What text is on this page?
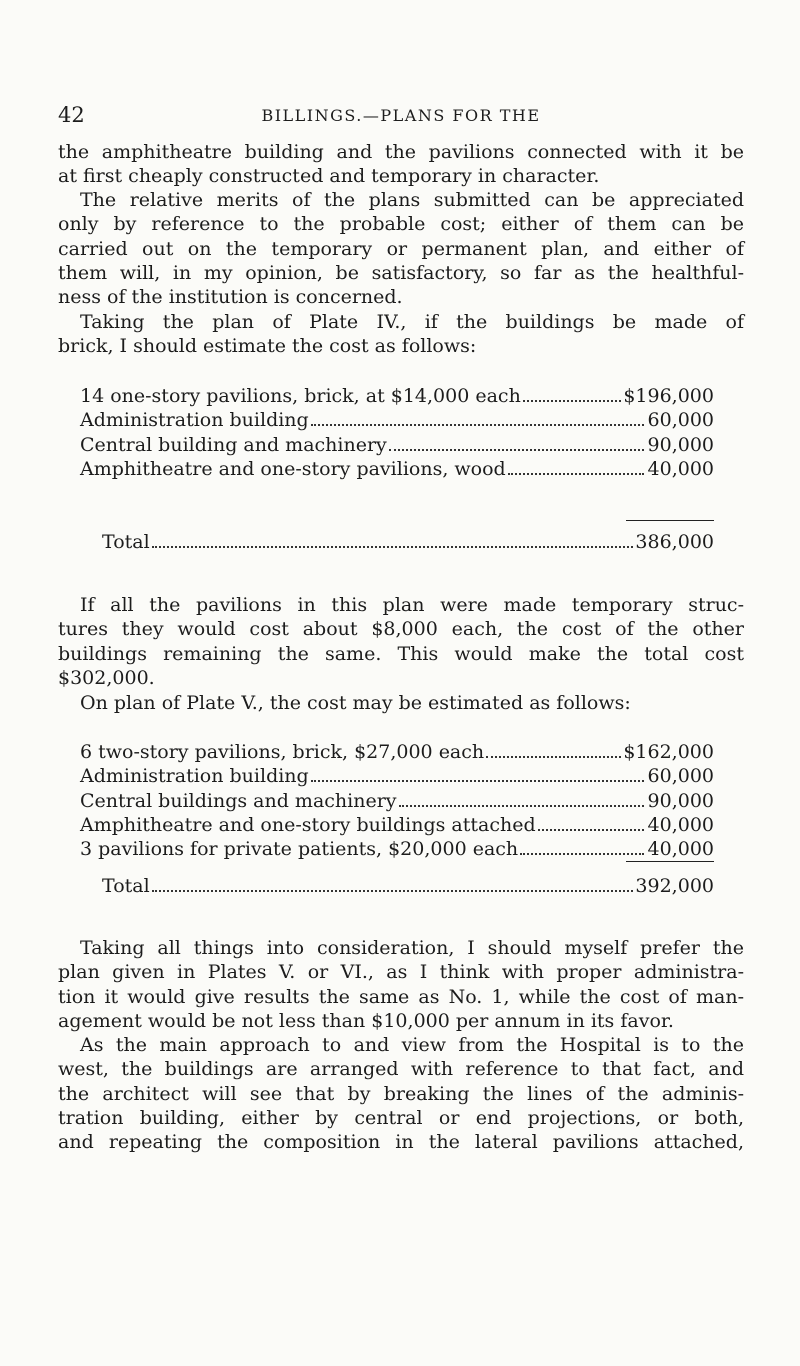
42	BILLINGS.—PLANS FOR THE
the amphitheatre building and the pavilions connected with it be
at first cheaply constructed and temporary in character.
The relative merits of the plans submitted can be appreciated
only by reference to the probable cost; either of them can be
carried out on the temporary or permanent plan, and either of
them will, in my opinion, be satisfactory, so far as the healthful-
ness of the institution is concerned.
Taking the plan of Plate IV., if the buildings be made of
brick, I should estimate the cost as follows:
14 one-story pavilions, brick, at $14,000 each	$196,000
Administration building	60,000
Central building and machinery	90,000
Amphitheatre and one-story pavilions, wood	40,000
Total	386,000
If all the pavilions in this plan were made temporary struc-
tures they would cost about $8,000 each, the cost of the other
buildings remaining the same. This would make the total cost
$302,000.
On plan of Plate V., the cost may be estimated as follows:
6 two-story pavilions, brick, $27,000 each	$162,000
Administration building	60,000
Central buildings and machinery	90,000
Amphitheatre and one-story buildings attached	40,000
3 pavilions for private patients, $20,000 each	40,000
Total	392,000
Taking all things into consideration, I should myself prefer the
plan given in Plates V. or VI., as I think with proper administra-
tion it would give results the same as No. 1, while the cost of man-
agement would be not less than $10,000 per annum in its favor.
As the main approach to and view from the Hospital is to the
west, the buildings are arranged with reference to that fact, and
the architect will see that by breaking the lines of the adminis-
tration building, either by central or end projections, or both,
and repeating the composition in the lateral pavilions attached,
